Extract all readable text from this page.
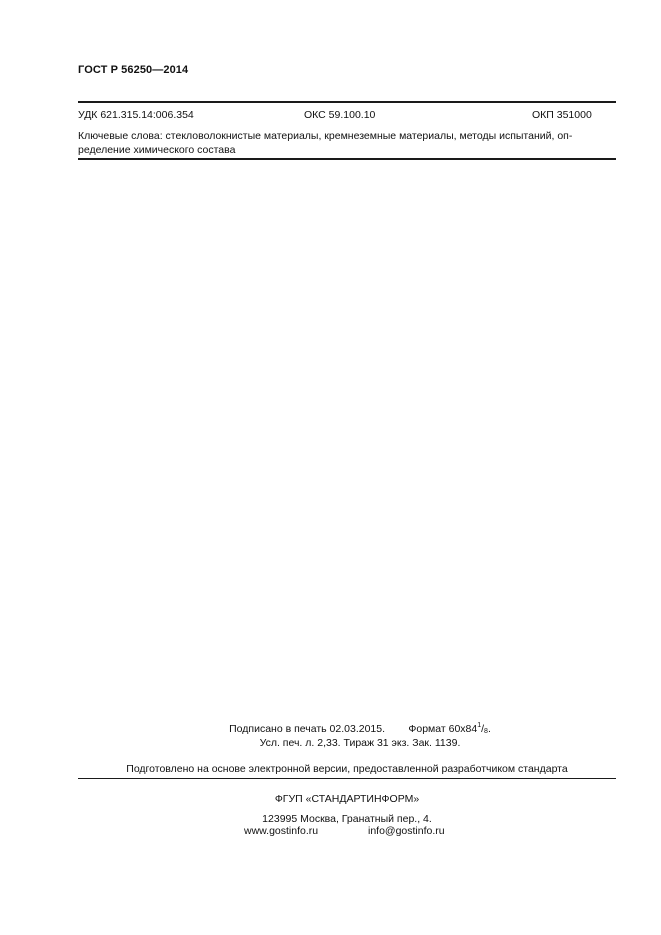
ГОСТ Р 56250—2014
УДК 621.315.14:006.354	ОКС 59.100.10	ОКП 351000
Ключевые слова: стекловолокнистые материалы, кремнеземные материалы, методы испытаний, оп-
ределение химического состава
Подписано в печать 02.03.2015. Формат $60х84^1/8$.
Усл. печ. л. 2,33. Тираж 31 экз. Зак. 1139.
Подготовлено на основе электронной версии, предоставленной разработчиком стандарта
ФГУП «СТАНДАРТИНФОРМ»
123995 Москва, Гранатный пер., 4.
www.gostinfo.ru	info@gostinfo.ru
